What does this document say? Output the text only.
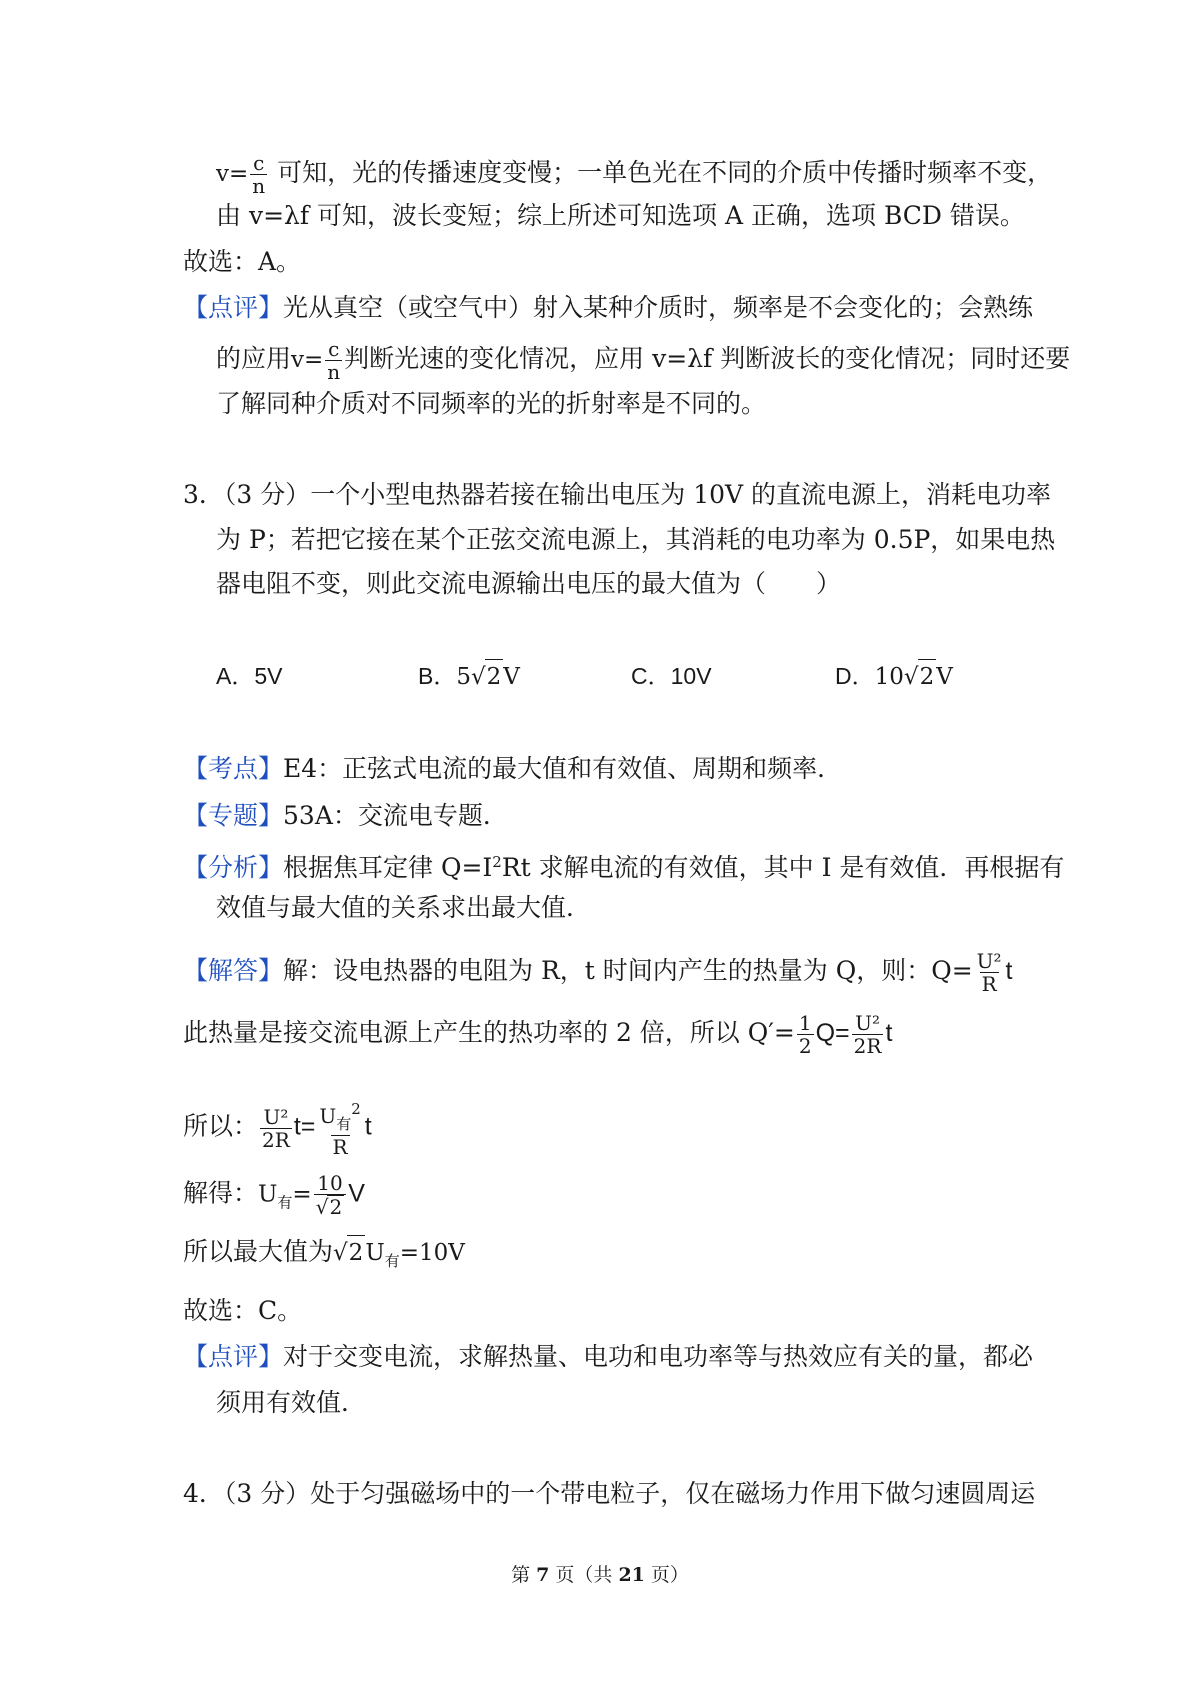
$v= \frac{c}{n}$ 可知，光的传播速度变慢；一单色光在不同的介质中传播时频率不变，
由 v=λf 可知，波长变短；综上所述可知选项 A 正确，选项 BCD 错误。
故选：A。
【点评】光从真空（或空气中）射入某种介质时，频率是不会变化的；会熟练
的应用$v= \frac{c}{n}$ 判断光速的变化情况，应用 v=λf 判断波长的变化情况；同时还要
了解同种介质对不同频率的光的折射率是不同的。
3．（3 分）一个小型电热器若接在输出电压为 10V 的直流电源上，消耗电功率
为 P；若把它接在某个正弦交流电源上，其消耗的电功率为 0.5P，如果电热
器电阻不变，则此交流电源输出电压的最大值为（　　）
A．5V	B．5√2V	C．10V	D．10√2V
【考点】E4：正弦式电流的最大值和有效值、周期和频率．
【专题】53A：交流电专题．
【分析】根据焦耳定律 $Q=I^2Rt$ 求解电流的有效值，其中 I 是有效值．再根据有
效值与最大值的关系求出最大值．
【解答】解：设电热器的电阻为 R，t 时间内产生的热量为 Q，则：$Q= \frac{\text{U²}}{R}$ t
此热量是接交流电源上产生的热功率的 2 倍，所以 $Q'= \frac{1}{2} Q= \frac{\text{U²}}{2R}$ t
所以： $\frac{\text{U²}}{2R} t= \frac{U_有^2}{R}$ t
解得：$U_有= \frac{10}{√2}$ V
所以最大值为$√2U_有=10V$
故选：C。
【点评】对于交变电流，求解热量、电功和电功率等与热效应有关的量，都必
须用有效值．
4．（3 分）处于匀强磁场中的一个带电粒子，仅在磁场力作用下做匀速圆周运
第 7 页（共 21 页）
